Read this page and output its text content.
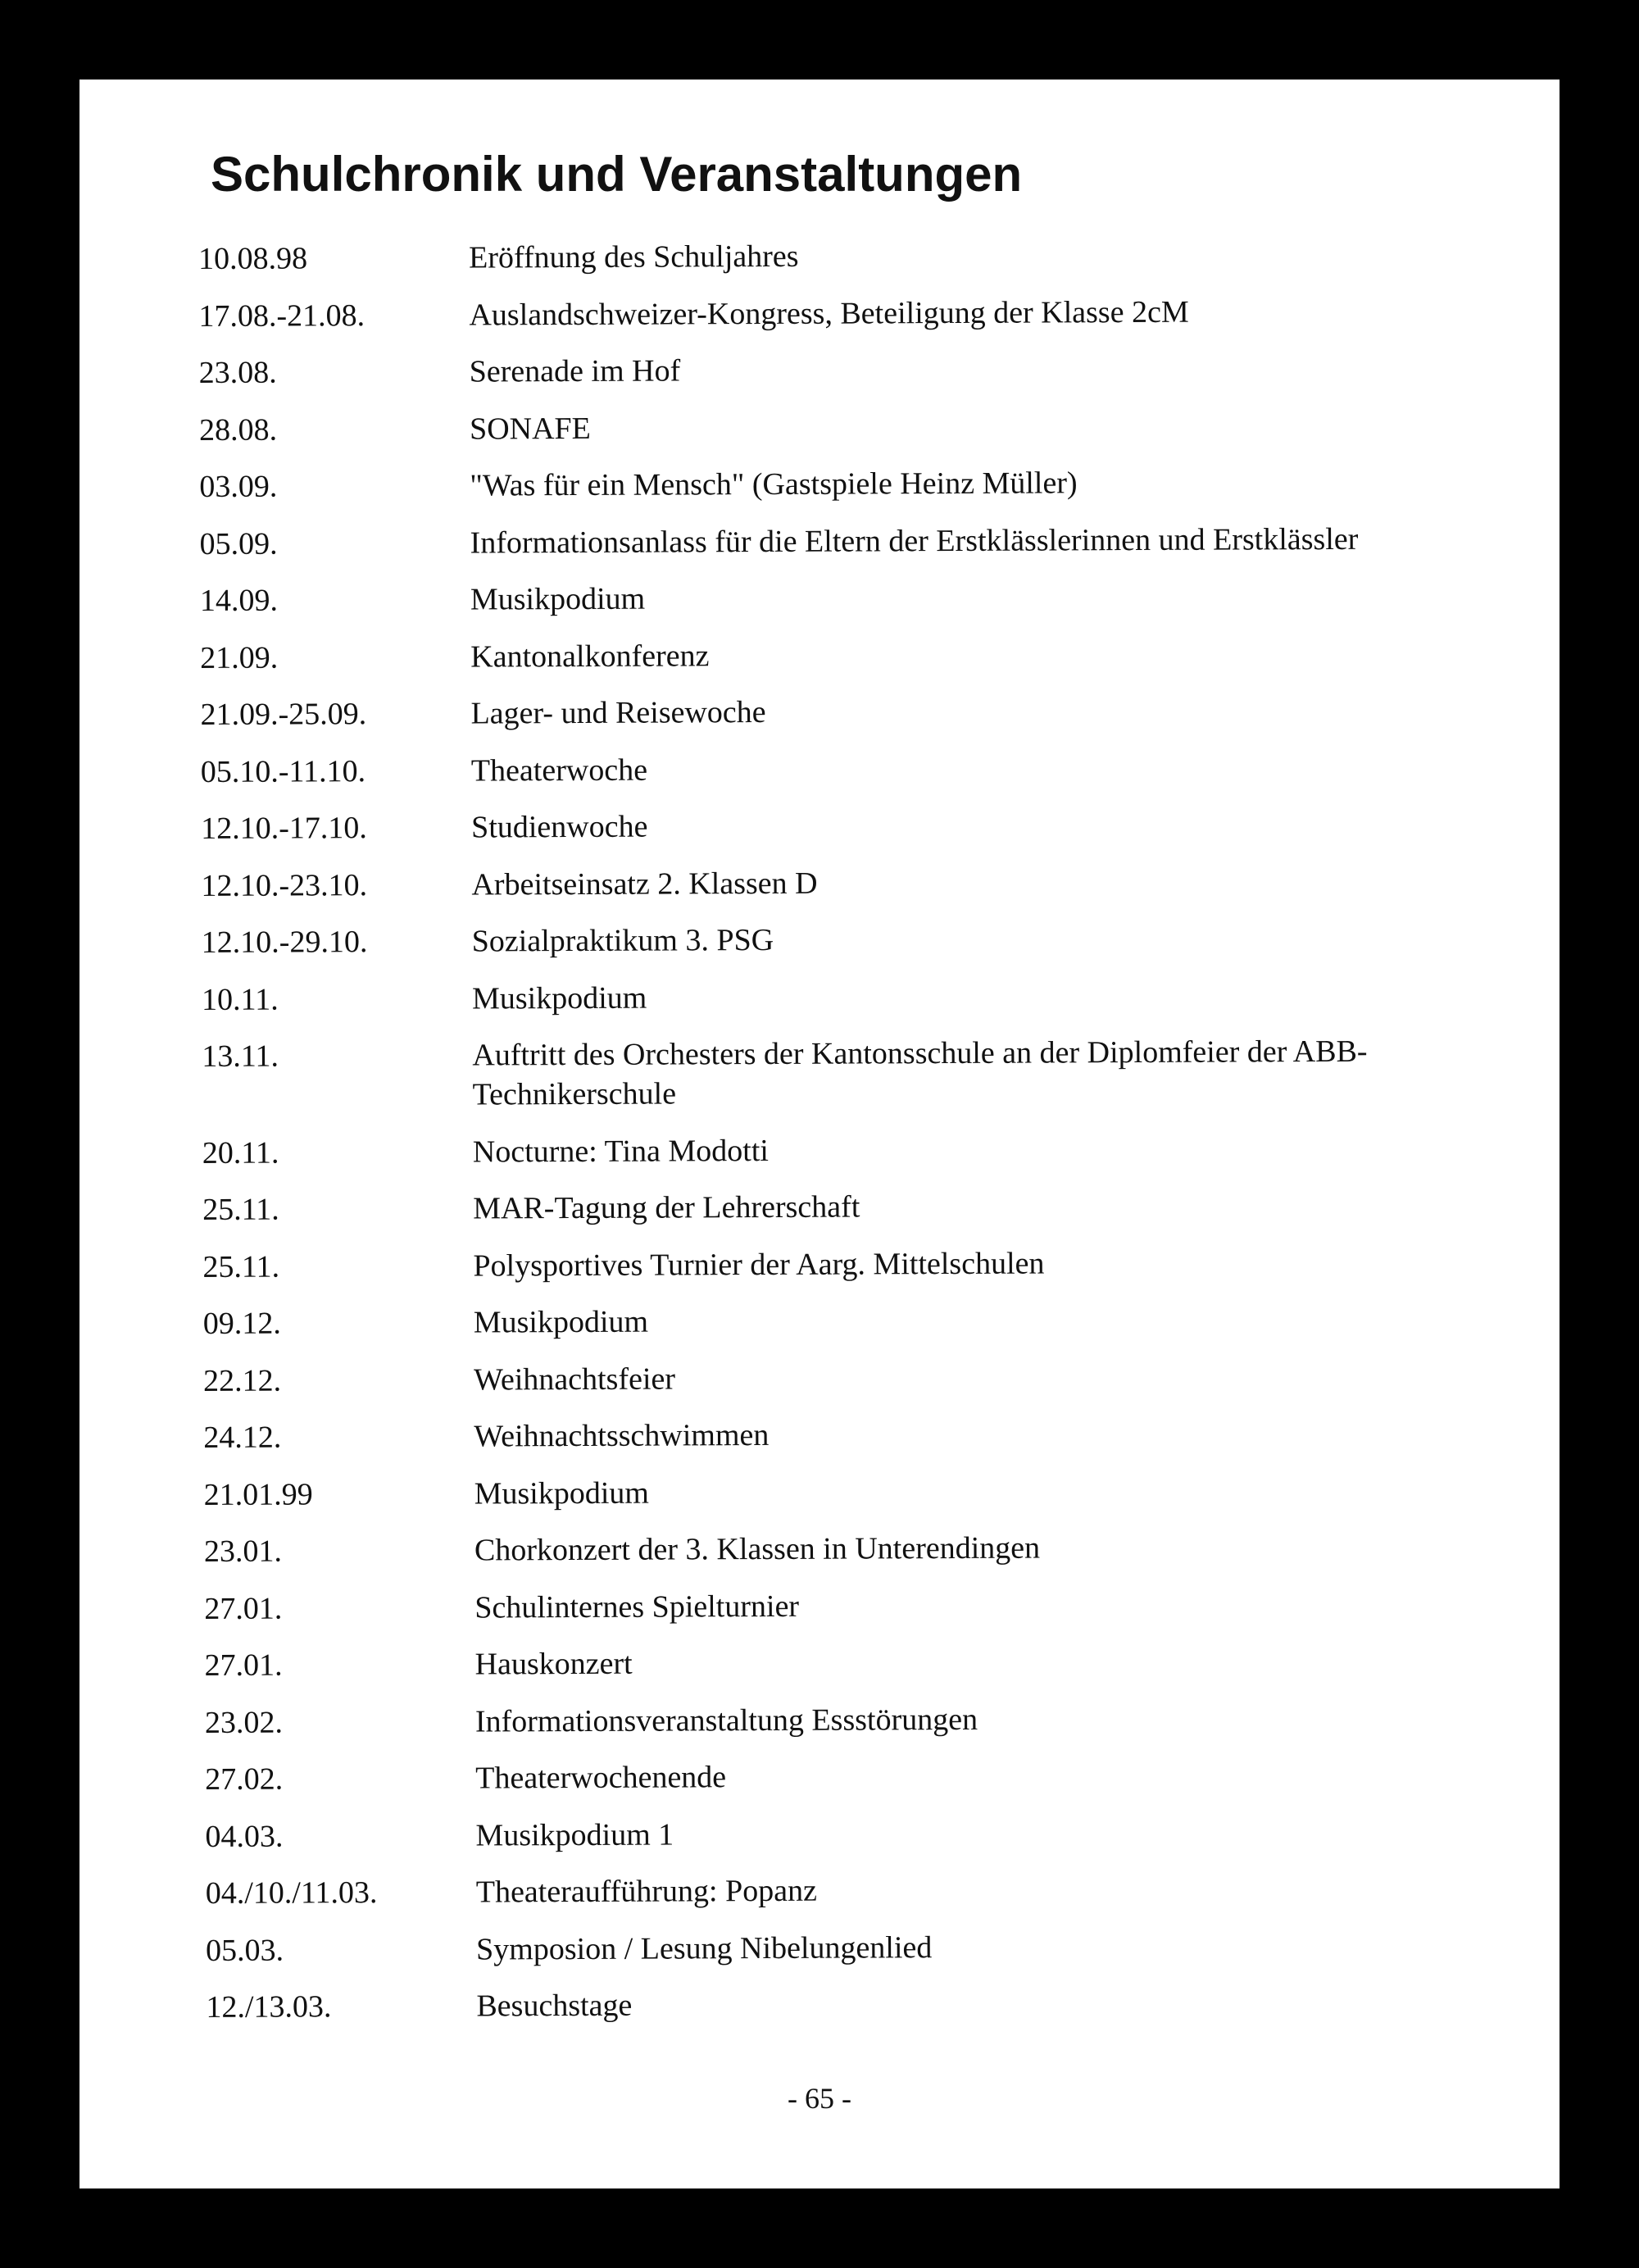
Schulchronik und Veranstaltungen
10.08.98	Eröffnung des Schuljahres
17.08.-21.08.	Auslandschweizer-Kongress, Beteiligung der Klasse 2cM
23.08.	Serenade im Hof
28.08.	SONAFE
03.09.	"Was für ein Mensch" (Gastspiele Heinz Müller)
05.09.	Informationsanlass für die Eltern der Erstklässlerinnen und Erstklässler
14.09.	Musikpodium
21.09.	Kantonalkonferenz
21.09.-25.09.	Lager- und Reisewoche
05.10.-11.10.	Theaterwoche
12.10.-17.10.	Studienwoche
12.10.-23.10.	Arbeitseinsatz 2. Klassen D
12.10.-29.10.	Sozialpraktikum 3. PSG
10.11.	Musikpodium
13.11.	Auftritt des Orchesters der Kantonsschule an der Diplomfeier der ABB-Technikerschule
20.11.	Nocturne: Tina Modotti
25.11.	MAR-Tagung der Lehrerschaft
25.11.	Polysportives Turnier der Aarg. Mittelschulen
09.12.	Musikpodium
22.12.	Weihnachtsfeier
24.12.	Weihnachtsschwimmen
21.01.99	Musikpodium
23.01.	Chorkonzert der 3. Klassen in Unterendingen
27.01.	Schulinternes Spielturnier
27.01.	Hauskonzert
23.02.	Informationsveranstaltung Essstörungen
27.02.	Theaterwochenende
04.03.	Musikpodium 1
04./10./11.03.	Theateraufführung: Popanz
05.03.	Symposion / Lesung Nibelungenlied
12./13.03.	Besuchstage
- 65 -
